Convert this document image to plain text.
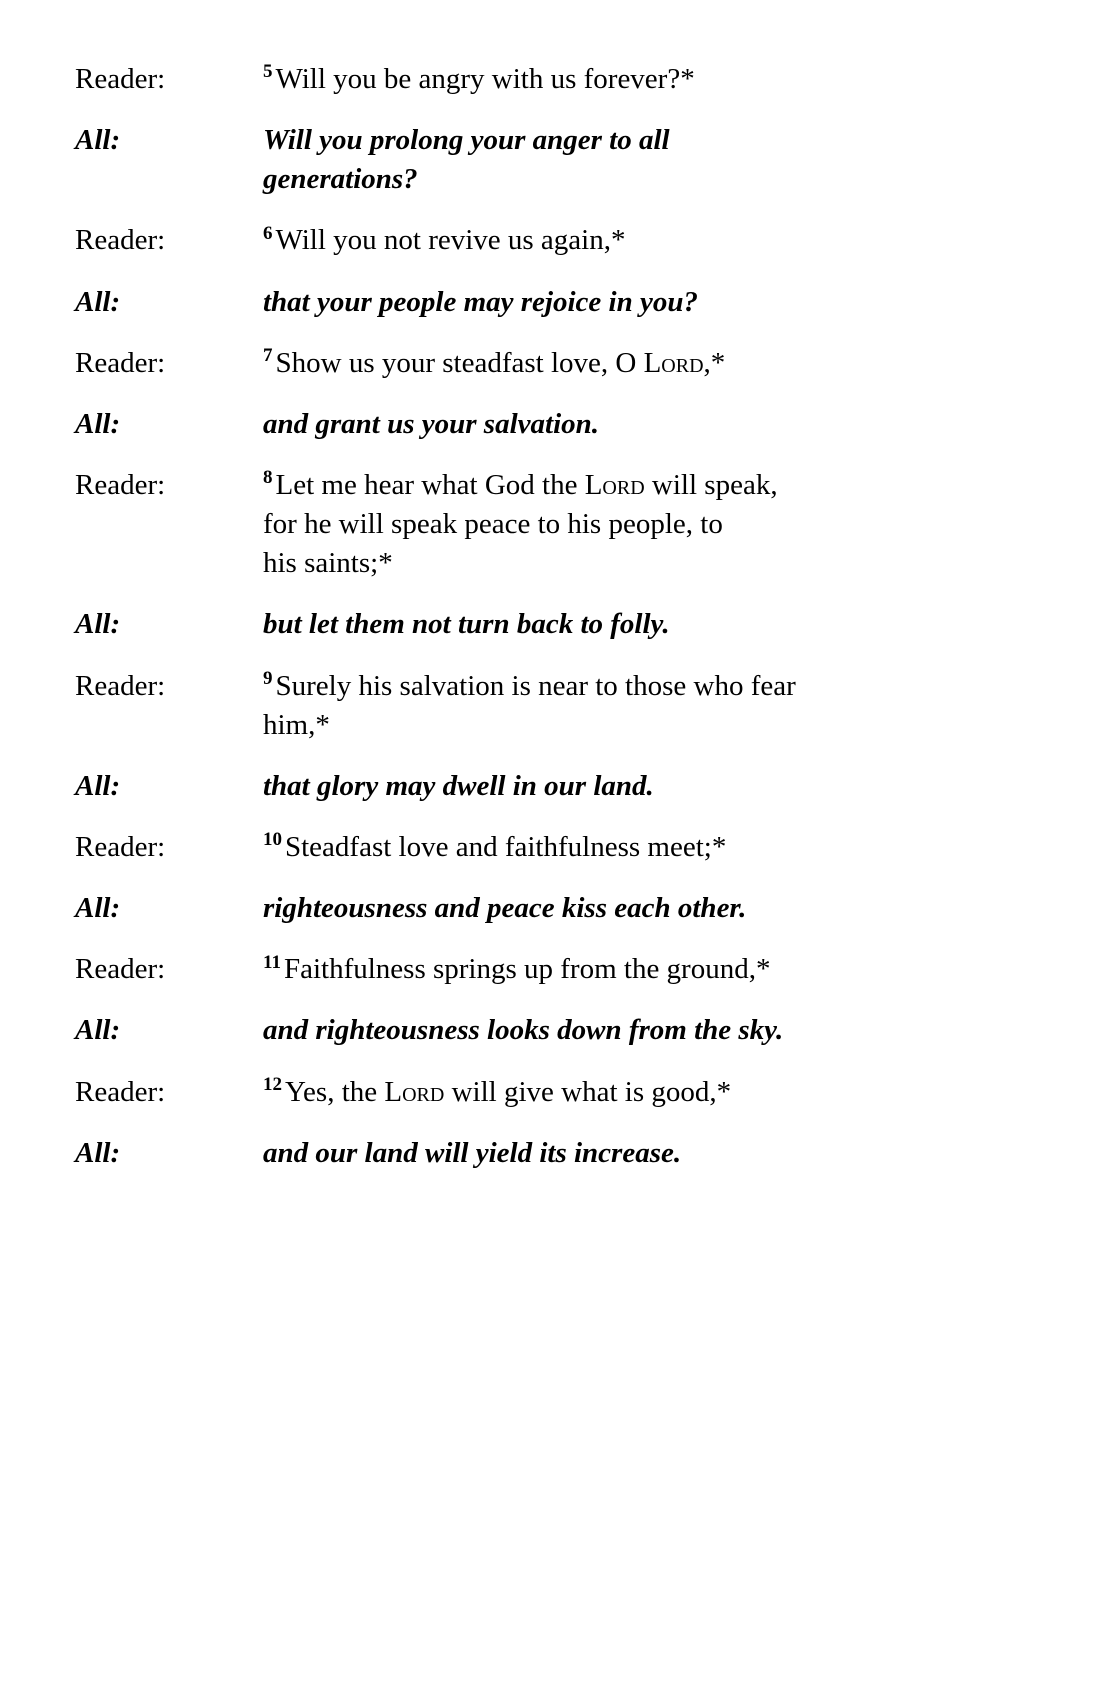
Reader:	$^5$ Will you be angry with us forever?*
All:	Will you prolong your anger to all
generations?
Reader:	$^6$ Will you not revive us again,*
All:	that your people may rejoice in you?
Reader:	$^7$ Show us your steadfast love, O Lord,*
All:	and grant us your salvation.
Reader:	$^8$ Let me hear what God the Lord will speak,
for he will speak peace to his people, to
his saints;*
All:	but let them not turn back to folly.
Reader:	$^9$ Surely his salvation is near to those who fear
him,*
All:	that glory may dwell in our land.
Reader:	$^{10}$ Steadfast love and faithfulness meet;*
All:	righteousness and peace kiss each other.
Reader:	$^{11}$ Faithfulness springs up from the ground,*
All:	and righteousness looks down from the sky.
Reader:	$^{12}$ Yes, the Lord will give what is good,*
All:	and our land will yield its increase.
